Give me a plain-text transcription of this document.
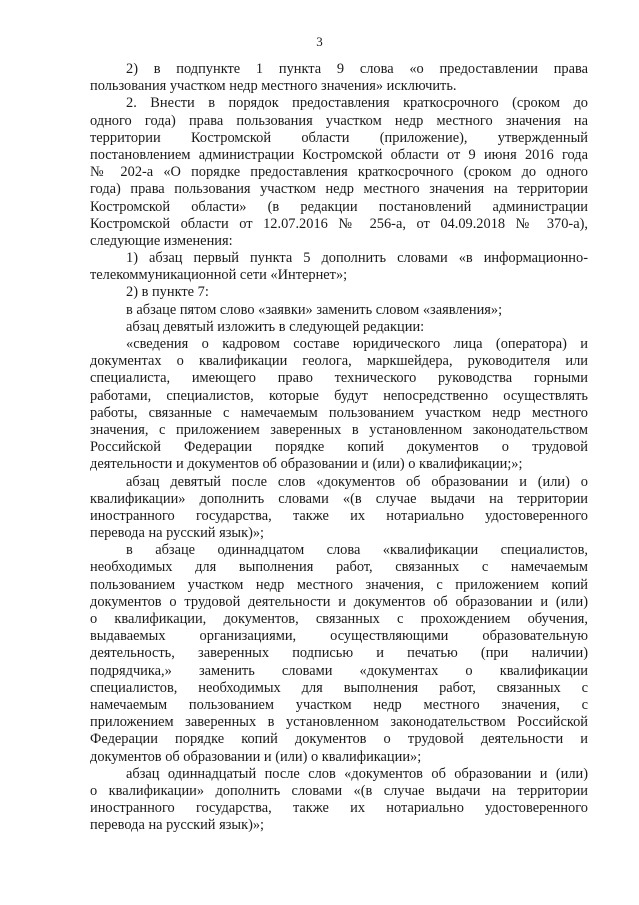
3
2) в подпункте 1 пункта 9 слова «о предоставлении права
пользования участком недр местного значения» исключить.
2. Внести в порядок предоставления краткосрочного (сроком до
одного года) права пользования участком недр местного значения на
территории Костромской области (приложение), утвержденный
постановлением администрации Костромской области от 9 июня 2016 года
№ 202-а «О порядке предоставления краткосрочного (сроком до одного
года) права пользования участком недр местного значения на территории
Костромской области» (в редакции постановлений администрации
Костромской области от 12.07.2016 № 256-а, от 04.09.2018 № 370-а),
следующие изменения:
1) абзац первый пункта 5 дополнить словами «в информационно-
телекоммуникационной сети «Интернет»;
2) в пункте 7:
в абзаце пятом слово «заявки» заменить словом «заявления»;
абзац девятый изложить в следующей редакции:
«сведения о кадровом составе юридического лица (оператора) и
документах о квалификации геолога, маркшейдера, руководителя или
специалиста, имеющего право технического руководства горными
работами, специалистов, которые будут непосредственно осуществлять
работы, связанные с намечаемым пользованием участком недр местного
значения, с приложением заверенных в установленном законодательством
Российской Федерации порядке копий документов о трудовой
деятельности и документов об образовании и (или) о квалификации;»;
абзац девятый после слов «документов об образовании и (или) о
квалификации» дополнить словами «(в случае выдачи на территории
иностранного государства, также их нотариально удостоверенного
перевода на русский язык)»;
в абзаце одиннадцатом слова «квалификации специалистов,
необходимых для выполнения работ, связанных с намечаемым
пользованием участком недр местного значения, с приложением копий
документов о трудовой деятельности и документов об образовании и (или)
о квалификации, документов, связанных с прохождением обучения,
выдаваемых организациями, осуществляющими образовательную
деятельность, заверенных подписью и печатью (при наличии)
подрядчика,» заменить словами «документах о квалификации
специалистов, необходимых для выполнения работ, связанных с
намечаемым пользованием участком недр местного значения, с
приложением заверенных в установленном законодательством Российской
Федерации порядке копий документов о трудовой деятельности и
документов об образовании и (или) о квалификации»;
абзац одиннадцатый после слов «документов об образовании и (или)
о квалификации» дополнить словами «(в случае выдачи на территории
иностранного государства, также их нотариально удостоверенного
перевода на русский язык)»;
